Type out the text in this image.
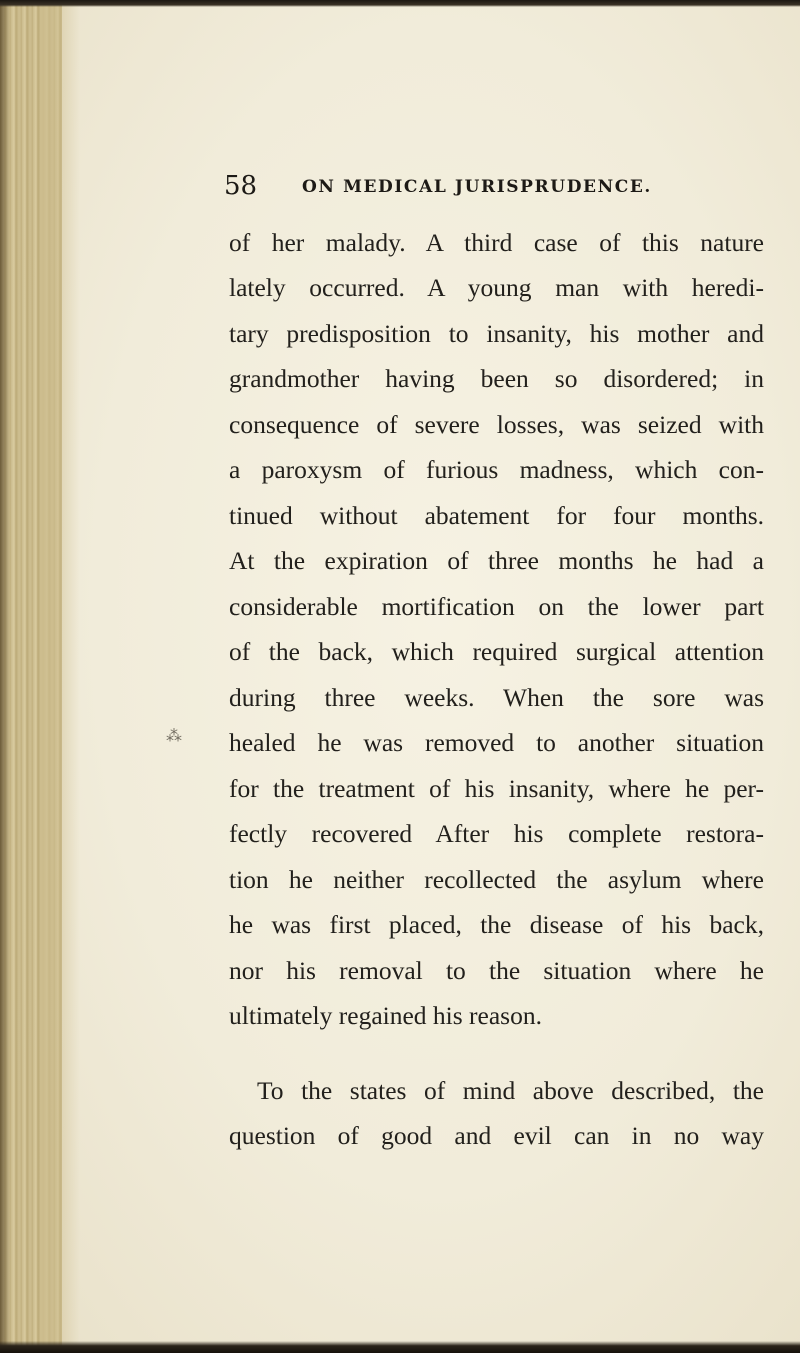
58	ON MEDICAL JURISPRUDENCE.
of her malady. A third case of this nature
lately occurred. A young man with heredi-
tary predisposition to insanity, his mother and
grandmother having been so disordered; in
consequence of severe losses, was seized with
a paroxysm of furious madness, which con-
tinued without abatement for four months.
At the expiration of three months he had a
considerable mortification on the lower part
of the back, which required surgical attention
during three weeks. When the sore was
healed he was removed to another situation
for the treatment of his insanity, where he per-
fectly recovered After his complete restora-
tion he neither recollected the asylum where
he was first placed, the disease of his back,
nor his removal to the situation where he
ultimately regained his reason.
To the states of mind above described, the
question of good and evil can in no way
⁂
